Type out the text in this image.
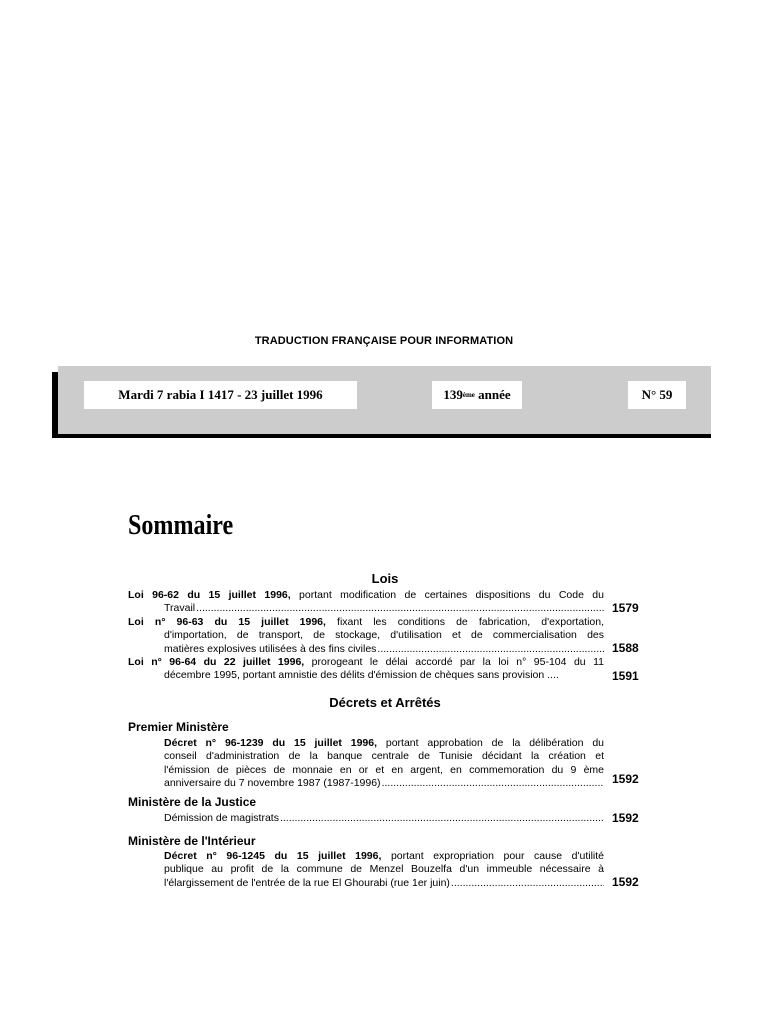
TRADUCTION FRANÇAISE POUR INFORMATION
Mardi 7 rabia I 1417 - 23 juillet 1996	139 ème
année	N° 59
Sommaire
Lois
Loi 96-62 du 15 juillet 1996, portant modification de certaines dispositions du Code du
Travail .....	1579
Loi n° 96-63 du 15 juillet 1996, fixant les conditions de fabrication, d'exportation,
d'importation, de transport, de stockage, d'utilisation et de commercialisation des
matières explosives utilisées à des fins civiles .....	1588
Loi n° 96-64 du 22 juillet 1996, prorogeant le délai accordé par la loi n° 95-104 du 11
décembre 1995, portant amnistie des délits d'émission de chèques sans provision ....	1591
Décrets et Arrêtés
Premier Ministère
Décret n° 96-1239 du 15 juillet 1996, portant approbation de la délibération du
conseil d'administration de la banque centrale de Tunisie décidant la création et
l'émission de pièces de monnaie en or et en argent, en commemoration du 9 ème
anniversaire du 7 novembre 1987 (1987-1996) .....	1592
Ministère de la Justice
Démission de magistrats .....	1592
Ministère de l'Intérieur
Décret n° 96-1245 du 15 juillet 1996, portant expropriation pour cause d'utilité
publique au profit de la commune de Menzel Bouzelfa d'un immeuble nécessaire à
l'élargissement de l'entrée de la rue El Ghourabi (rue 1er juin) .....	1592
